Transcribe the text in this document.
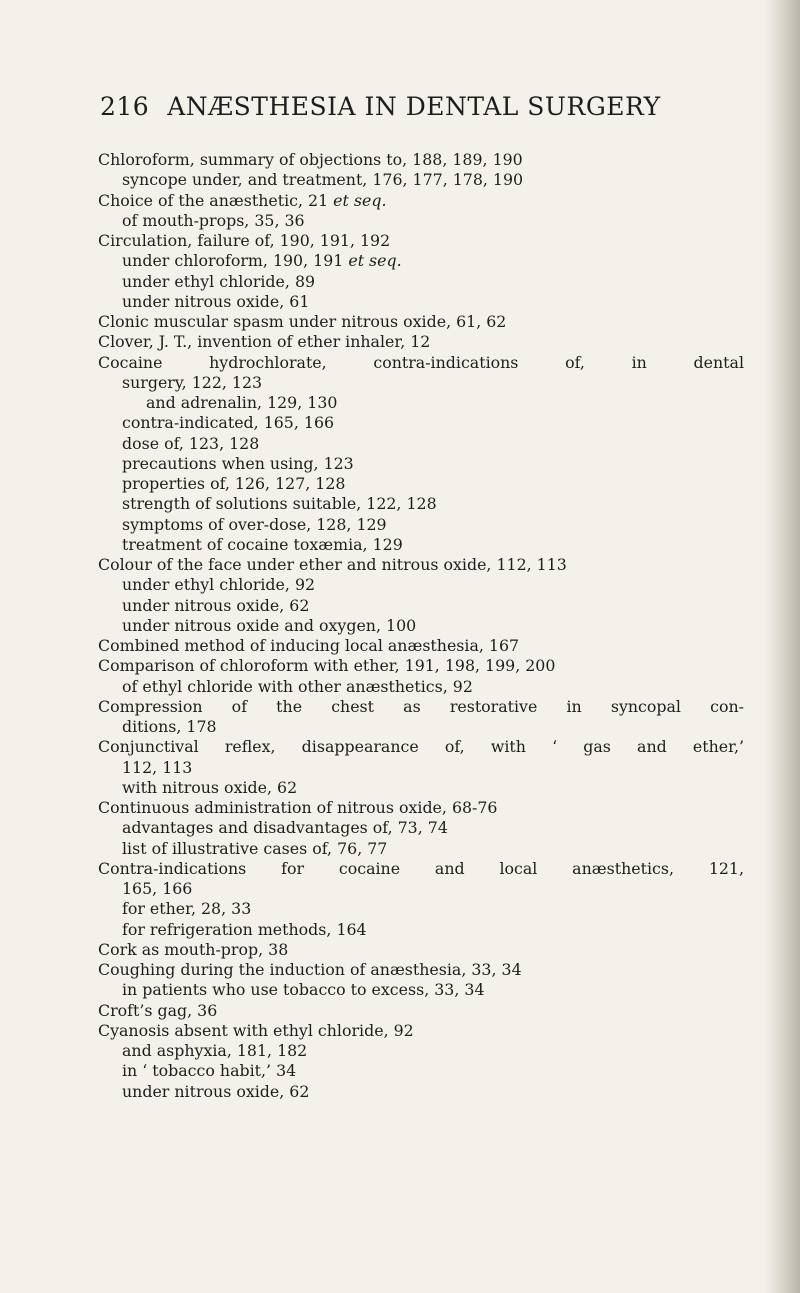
216 ANÆSTHESIA IN DENTAL SURGERY
Chloroform, summary of objections to, 188, 189, 190
syncope under, and treatment, 176, 177, 178, 190
Choice of the anæsthetic, 21 et seq.
of mouth-props, 35, 36
Circulation, failure of, 190, 191, 192
under chloroform, 190, 191 et seq.
under ethyl chloride, 89
under nitrous oxide, 61
Clonic muscular spasm under nitrous oxide, 61, 62
Clover, J. T., invention of ether inhaler, 12
Cocaine hydrochlorate, contra-indications of, in dental
surgery, 122, 123
and adrenalin, 129, 130
contra-indicated, 165, 166
dose of, 123, 128
precautions when using, 123
properties of, 126, 127, 128
strength of solutions suitable, 122, 128
symptoms of over-dose, 128, 129
treatment of cocaine toxæmia, 129
Colour of the face under ether and nitrous oxide, 112, 113
under ethyl chloride, 92
under nitrous oxide, 62
under nitrous oxide and oxygen, 100
Combined method of inducing local anæsthesia, 167
Comparison of chloroform with ether, 191, 198, 199, 200
of ethyl chloride with other anæsthetics, 92
Compression of the chest as restorative in syncopal con-
ditions, 178
Conjunctival reflex, disappearance of, with ‘ gas and ether,’
112, 113
with nitrous oxide, 62
Continuous administration of nitrous oxide, 68-76
advantages and disadvantages of, 73, 74
list of illustrative cases of, 76, 77
Contra-indications for cocaine and local anæsthetics, 121,
165, 166
for ether, 28, 33
for refrigeration methods, 164
Cork as mouth-prop, 38
Coughing during the induction of anæsthesia, 33, 34
in patients who use tobacco to excess, 33, 34
Croft’s gag, 36
Cyanosis absent with ethyl chloride, 92
and asphyxia, 181, 182
in ‘ tobacco habit,’ 34
under nitrous oxide, 62
